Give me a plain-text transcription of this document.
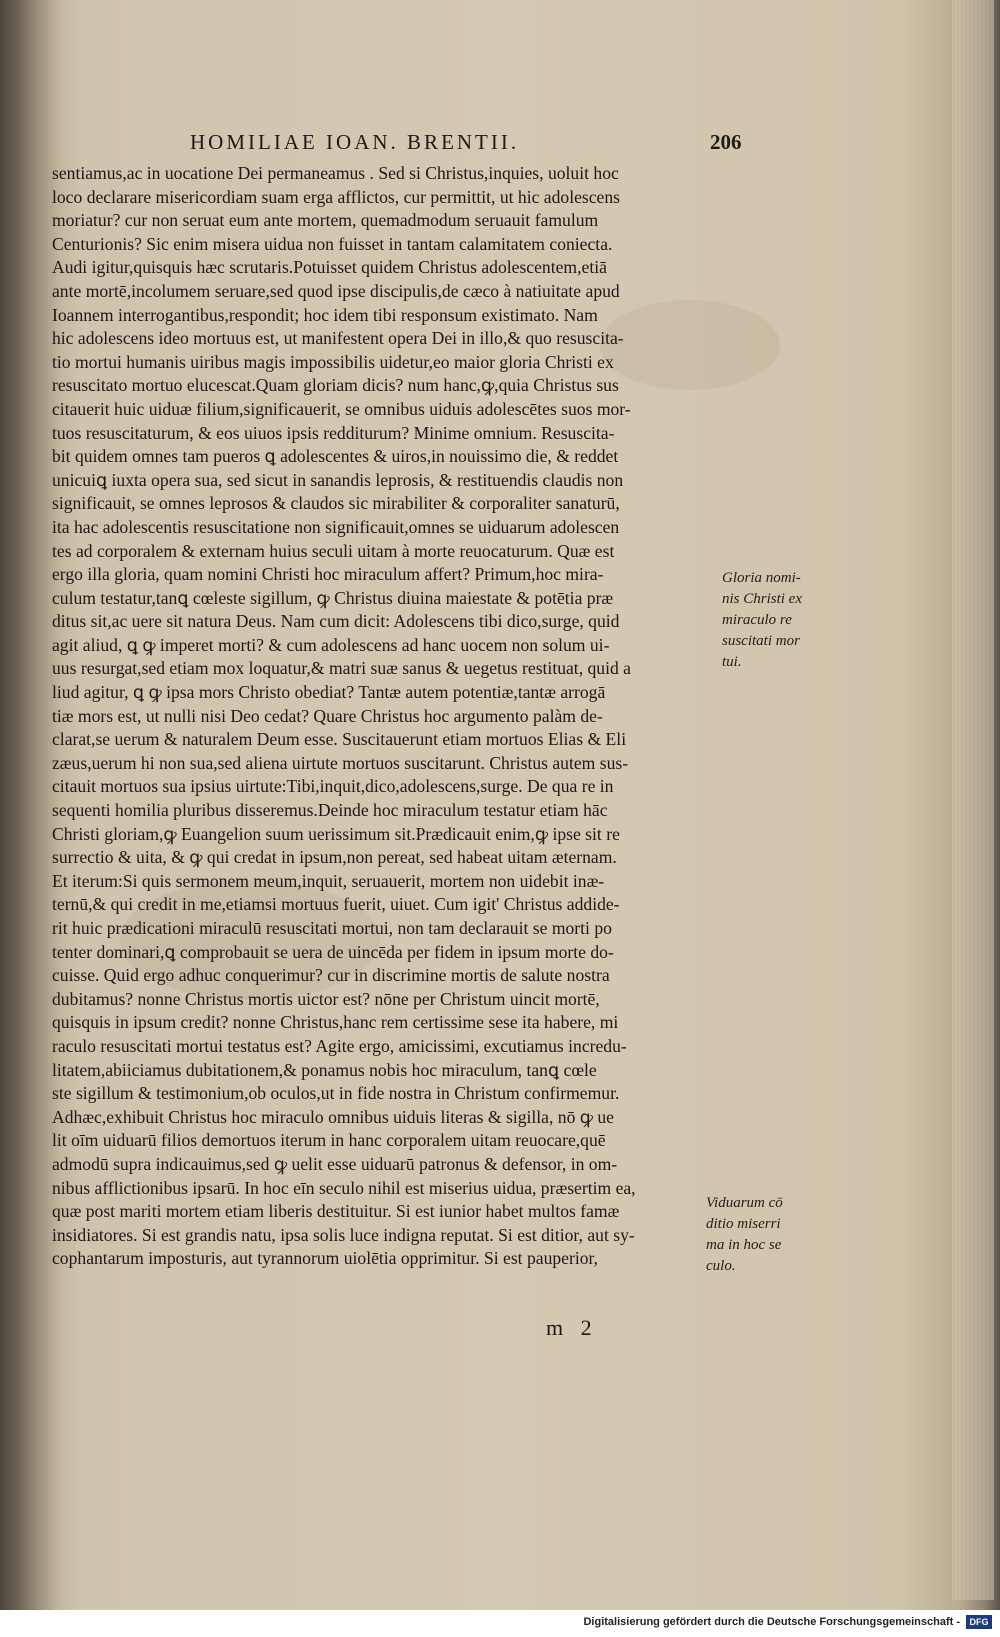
HOMILIAE IOAN. BRENTII.	206
sentiamus,ac in uocatione Dei permaneamus . Sed si Christus,inquies, uoluit hoc
loco declarare misericordiam suam erga afflictos, cur permittit, ut hic adolescens
moriatur? cur non seruat eum ante mortem, quemadmodum seruauit famulum
Centurionis? Sic enim misera uidua non fuisset in tantam calamitatem coniecta.
Audi igitur,quisquis hæc scrutaris.Potuisset quidem Christus adolescentem,etiā
ante mortē,incolumem seruare,sed quod ipse discipulis,de cæco à natiuitate apud
Ioannem interrogantibus,respondit; hoc idem tibi responsum existimato. Nam
hic adolescens ideo mortuus est, ut manifestent opera Dei in illo,& quo resuscita-
tio mortui humanis uiribus magis impossibilis uidetur,eo maior gloria Christi ex
resuscitato mortuo elucescat.Quam gloriam dicis? num hanc,ꝙ,quia Christus sus
citauerit huic uiduæ filium,significauerit, se omnibus uiduis adolescētes suos mor-
tuos resuscitaturum, & eos uiuos ipsis redditurum? Minime omnium. Resuscita-
bit quidem omnes tam pueros ꝗ adolescentes & uiros,in nouissimo die, & reddet
unicuiꝗ iuxta opera sua, sed sicut in sanandis leprosis, & restituendis claudis non
significauit, se omnes leprosos & claudos sic mirabiliter & corporaliter sanaturū,
ita hac adolescentis resuscitatione non significauit,omnes se uiduarum adolescen
tes ad corporalem & externam huius seculi uitam à morte reuocaturum. Quæ est
ergo illa gloria, quam nomini Christi hoc miraculum affert? Primum,hoc mira-
culum testatur,tanꝗ cœleste sigillum, ꝙ Christus diuina maiestate & potētia præ
ditus sit,ac uere sit natura Deus. Nam cum dicit: Adolescens tibi dico,surge, quid
agit aliud, ꝗ ꝙ imperet morti? & cum adolescens ad hanc uocem non solum ui-
uus resurgat,sed etiam mox loquatur,& matri suæ sanus & uegetus restituat, quid a
liud agitur, ꝗ ꝙ ipsa mors Christo obediat? Tantæ autem potentiæ,tantæ arrogā
tiæ mors est, ut nulli nisi Deo cedat? Quare Christus hoc argumento palàm de-
clarat,se uerum & naturalem Deum esse. Suscitauerunt etiam mortuos Elias & Eli
zæus,uerum hi non sua,sed aliena uirtute mortuos suscitarunt. Christus autem sus-
citauit mortuos sua ipsius uirtute:Tibi,inquit,dico,adolescens,surge. De qua re in
sequenti homilia pluribus disseremus.Deinde hoc miraculum testatur etiam hāc
Christi gloriam,ꝙ Euangelion suum uerissimum sit.Prædicauit enim,ꝙ ipse sit re
surrectio & uita, & ꝙ qui credat in ipsum,non pereat, sed habeat uitam æternam.
Et iterum:Si quis sermonem meum,inquit, seruauerit, mortem non uidebit inæ-
ternū,& qui credit in me,etiamsi mortuus fuerit, uiuet. Cum igit' Christus addide-
rit huic prædicationi miraculū resuscitati mortui, non tam declarauit se morti po
tenter dominari,ꝗ comprobauit se uera de uincēda per fidem in ipsum morte do-
cuisse. Quid ergo adhuc conquerimur? cur in discrimine mortis de salute nostra
dubitamus? nonne Christus mortis uictor est? nōne per Christum uincit mortē,
quisquis in ipsum credit? nonne Christus,hanc rem certissime sese ita habere, mi
raculo resuscitati mortui testatus est? Agite ergo, amicissimi, excutiamus incredu-
litatem,abiiciamus dubitationem,& ponamus nobis hoc miraculum, tanꝗ cœle
ste sigillum & testimonium,ob oculos,ut in fide nostra in Christum confirmemur.
Adhæc,exhibuit Christus hoc miraculo omnibus uiduis literas & sigilla, nō ꝙ ue
lit oīm uiduarū filios demortuos iterum in hanc corporalem uitam reuocare,quē
admodū supra indicauimus,sed ꝙ uelit esse uiduarū patronus & defensor, in om-
nibus afflictionibus ipsarū. In hoc eīn seculo nihil est miserius uidua, præsertim ea,
quæ post mariti mortem etiam liberis destituitur. Si est iunior habet multos famæ
insidiatores. Si est grandis natu, ipsa solis luce indigna reputat. Si est ditior, aut sy-
cophantarum imposturis, aut tyrannorum uiolētia opprimitur. Si est pauperior,
Gloria nomi-
nis Christi ex
miraculo re
suscitati mor
tui.
Viduarum cō
ditio miserri
ma in hoc se
culo.
m 2
Digitalisierung gefördert durch die Deutsche Forschungsgemeinschaft -	DFG
